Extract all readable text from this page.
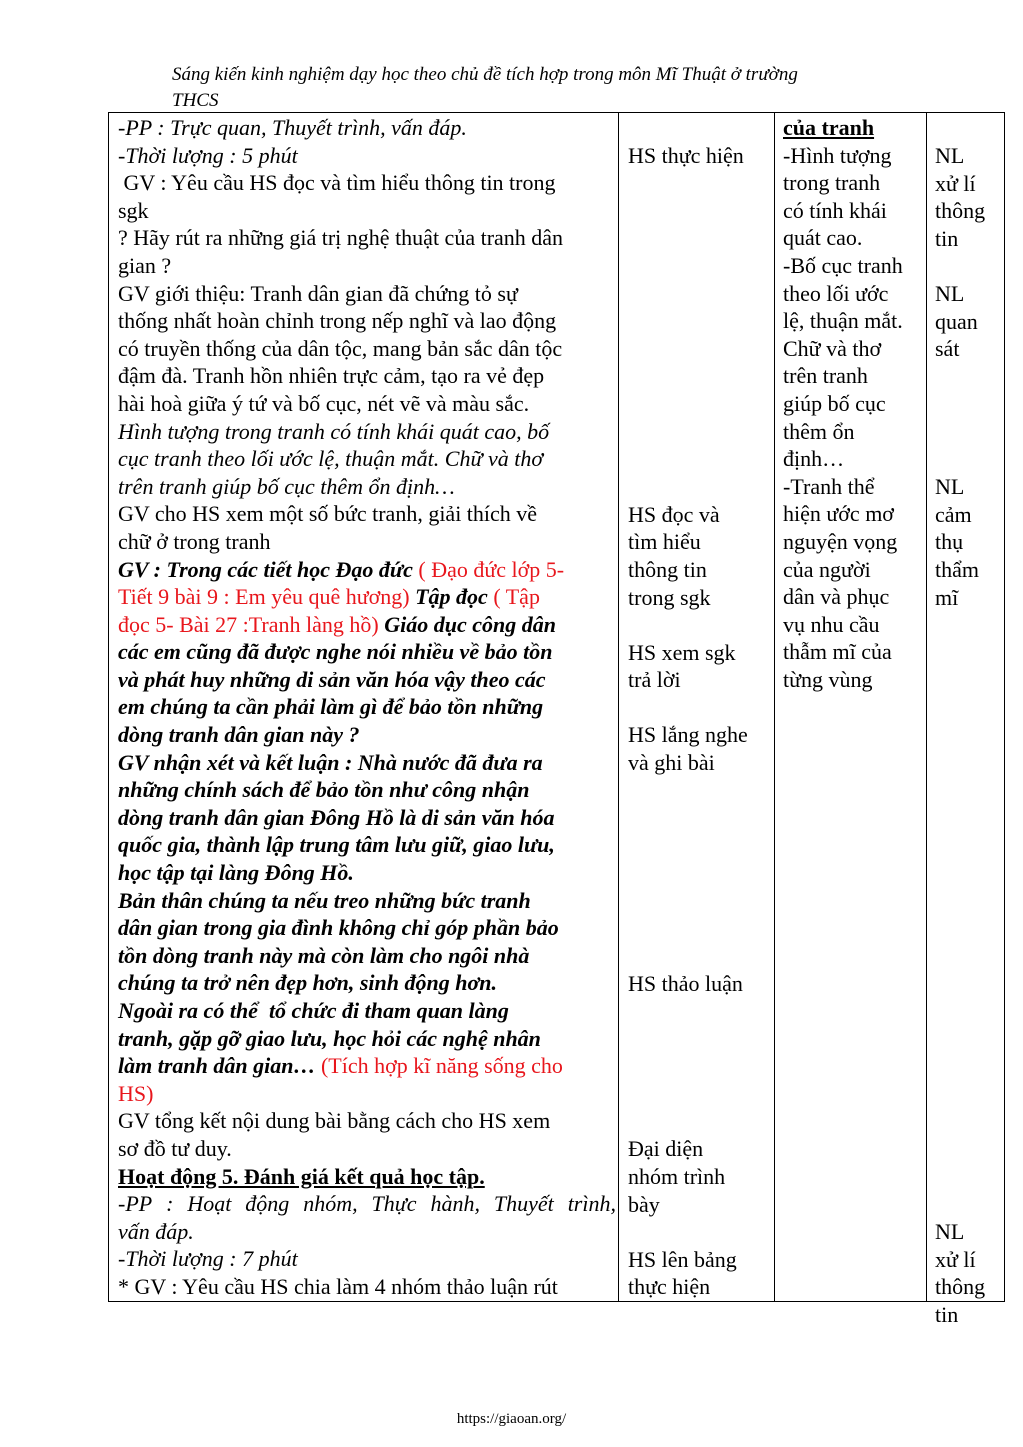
Sáng kiến kinh nghiệm dạy học theo chủ đề tích hợp trong môn Mĩ Thuật ở trường
THCS
-PP : Trực quan, Thuyết trình, vấn đáp.
-Thời lượng : 5 phút
GV : Yêu cầu HS đọc và tìm hiểu thông tin trong
sgk
? Hãy rút ra những giá trị nghệ thuật của tranh dân
gian ?
GV giới thiệu: Tranh dân gian đã chứng tỏ sự
thống nhất hoàn chỉnh trong nếp nghĩ và lao động
có truyền thống của dân tộc, mang bản sắc dân tộc
đậm đà. Tranh hồn nhiên trực cảm, tạo ra vẻ đẹp
hài hoà giữa ý tứ và bố cục, nét vẽ và màu sắc.
Hình tượng trong tranh có tính khái quát cao, bố
cục tranh theo lối ước lệ, thuận mắt. Chữ và thơ
trên tranh giúp bố cục thêm ổn định…
GV cho HS xem một số bức tranh, giải thích về
chữ ở trong tranh
GV : Trong các tiết học Đạo đức ( Đạo đức lớp 5-
Tiết 9 bài 9 : Em yêu quê hương) Tập đọc ( Tập
đọc 5- Bài 27 :Tranh làng hồ) Giáo dục công dân
các em cũng đã được nghe nói nhiều về bảo tồn
và phát huy những di sản văn hóa vậy theo các
em chúng ta cần phải làm gì để bảo tồn những
dòng tranh dân gian này ?
GV nhận xét và kết luận : Nhà nước đã đưa ra
những chính sách để bảo tồn như công nhận
dòng tranh dân gian Đông Hồ là di sản văn hóa
quốc gia, thành lập trung tâm lưu giữ, giao lưu,
học tập tại làng Đông Hồ.
Bản thân chúng ta nếu treo những bức tranh
dân gian trong gia đình không chỉ góp phần bảo
tồn dòng tranh này mà còn làm cho ngôi nhà
chúng ta trở nên đẹp hơn, sinh động hơn.
Ngoài ra có thể  tổ chức đi tham quan làng
tranh, gặp gỡ giao lưu, học hỏi các nghệ nhân
làm tranh dân gian… (Tích hợp kĩ năng sống cho
HS)
GV tổng kết nội dung bài bằng cách cho HS xem
sơ đồ tư duy.
Hoạt động 5. Đánh giá kết quả học tập.
-PP : Hoạt động nhóm, Thực hành, Thuyết trình,
vấn đáp.
-Thời lượng : 7 phút
* GV : Yêu cầu HS chia làm 4 nhóm thảo luận rút
HS thực hiện
HS đọc và
tìm hiểu
thông tin
trong sgk
HS xem sgk
trả lời
HS lắng nghe
và ghi bài
HS thảo luận
Đại diện
nhóm trình
bày
HS lên bảng
thực hiện
của tranh
-Hình tượng
trong tranh
có tính khái
quát cao.
-Bố cục tranh
theo lối ước
lệ, thuận mắt.
Chữ và thơ
trên tranh
giúp bố cục
thêm ổn
định…
-Tranh thể
hiện ước mơ
nguyện vọng
của người
dân và phục
vụ nhu cầu
thẫm mĩ của
từng vùng
NL
xử lí
thông
tin
NL
quan
sát
NL
cảm
thụ
thẩm
mĩ
NL
xử lí
thông
tin
https://giaoan.org/
